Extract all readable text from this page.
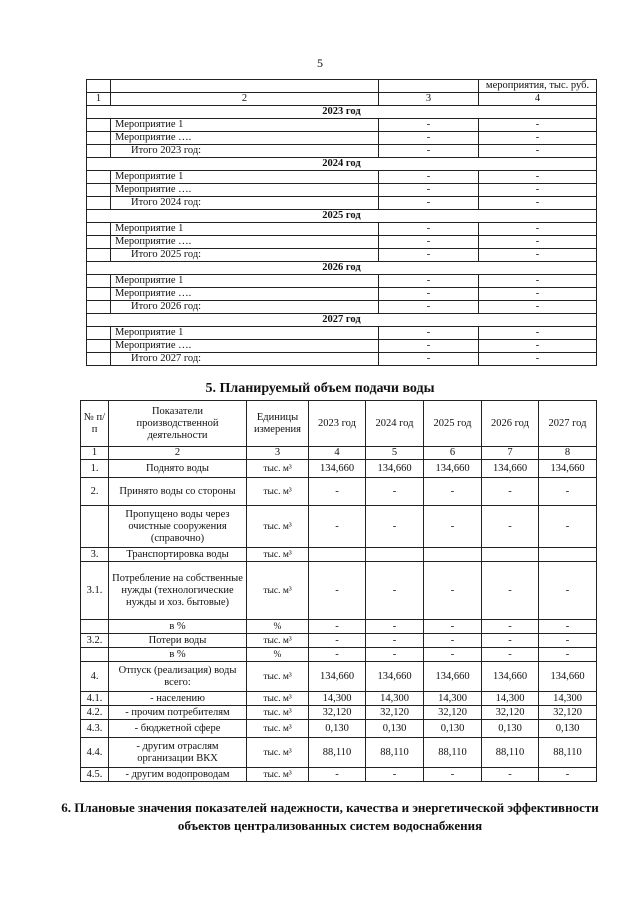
5
			мероприятия, тыс. руб.
1	2	3	4
2023 год			
	Мероприятие 1	-	-
	Мероприятие ….	-	-
	Итого 2023 год:	-	-
2024 год			
	Мероприятие 1	-	-
	Мероприятие ….	-	-
	Итого 2024 год:	-	-
2025 год			
	Мероприятие 1	-	-
	Мероприятие ….	-	-
	Итого 2025 год:	-	-
2026 год			
	Мероприятие 1	-	-
	Мероприятие ….	-	-
	Итого 2026 год:	-	-
2027 год			
	Мероприятие 1	-	-
	Мероприятие ….	-	-
	Итого 2027 год:	-	-
5. Планируемый объем подачи воды
№ п/п	Показатели производственной деятельности	Единицы измерения	2023 год	2024 год	2025 год	2026 год	2027 год
1	2	3	4	5	6	7	8
1.	Поднято воды	тыс. м³	134,660	134,660	134,660	134,660	134,660
2.	Принято воды со стороны	тыс. м³	-	-	-	-	-
	Пропущено воды через очистные сооружения (справочно)	тыс. м³	-	-	-	-	-
3.	Транспортировка воды	тыс. м³					
3.1.	Потребление на собственные нужды (технологические нужды и хоз. бытовые)	тыс. м³	-	-	-	-	-
	в %	%	-	-	-	-	-
3.2.	Потери воды	тыс. м³	-	-	-	-	-
	в %	%	-	-	-	-	-
4.	Отпуск (реализация) воды всего:	тыс. м³	134,660	134,660	134,660	134,660	134,660
4.1.	- населению	тыс. м³	14,300	14,300	14,300	14,300	14,300
4.2.	- прочим потребителям	тыс. м³	32,120	32,120	32,120	32,120	32,120
4.3.	- бюджетной сфере	тыс. м³	0,130	0,130	0,130	0,130	0,130
4.4.	- другим отраслям организации ВКХ	тыс. м³	88,110	88,110	88,110	88,110	88,110
4.5.	- другим водопроводам	тыс. м³	-	-	-	-	-
6. Плановые значения показателей надежности, качества и энергетической эффективности объектов централизованных систем водоснабжения
